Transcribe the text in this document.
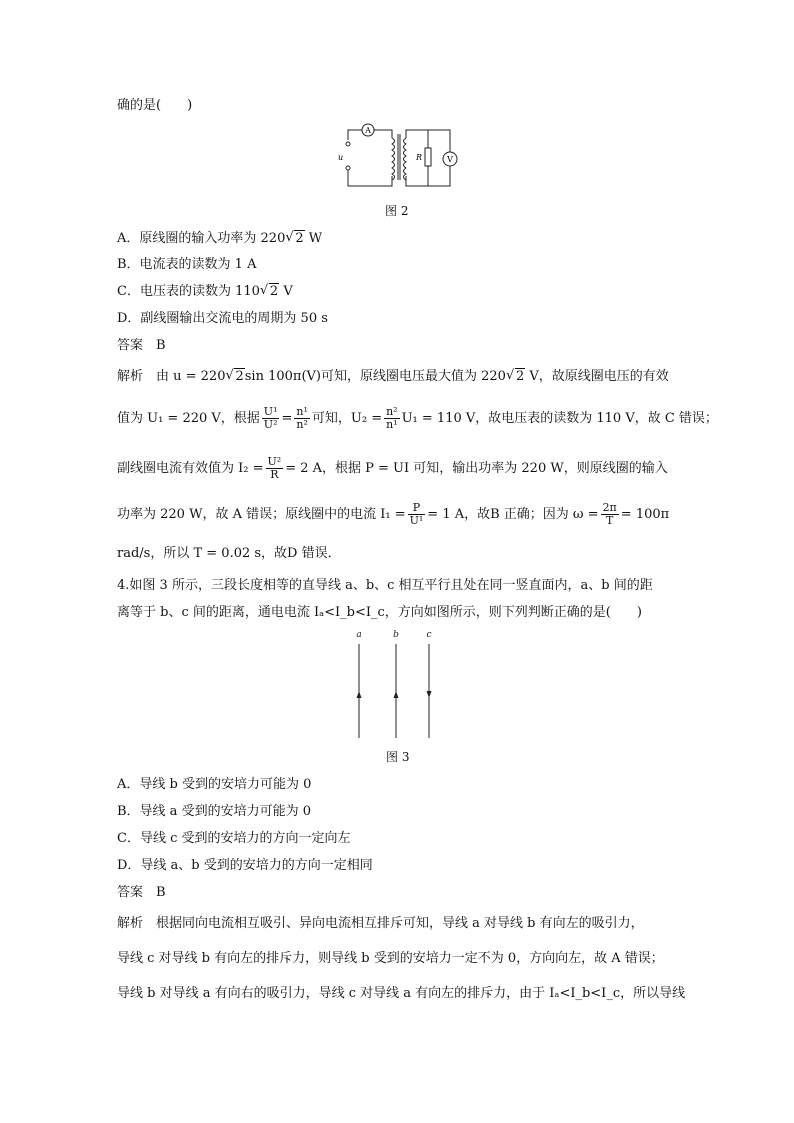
确的是(　　)
A
V
u	R
图 2
A．原线圈的输入功率为 220 √ 2 W
B．电流表的读数为 1 A
C．电压表的读数为 110 √ 2 V
D．副线圈输出交流电的周期为 50 s
答案　B
解析　由 u = 220 √ 2sin 100π(V)可知，原线圈电压最大值为 220 √ 2 V，故原线圈电压的有效
值为 U₁ = 220 V，根据 $\frac{\text{U¹}}{\text{U²}} = \frac{\text{n¹}}{\text{n²}}$ 可知，$U_2 = \frac{\text{n²}}{\text{n¹}} U_1 = 110$ V，故电压表的读数为 110 V，故 C 错误；
副线圈电流有效值为 $I_2 = \frac{\text{U²}}{R} = 2$ A，根据 P = UI 可知，输出功率为 220 W，则原线圈的输入
功率为 220 W，故 A 错误；原线圈中的电流 $I_1 = \frac{P}{\text{U¹}} = 1$ A，故B 正确；因为 $\omega = \frac{2\pi}{T} = 100\pi$
rad/s，所以 T = 0.02 s，故D 错误．
4.如图 3 所示，三段长度相等的直导线 a、b、c 相互平行且处在同一竖直面内，a、b 间的距
离等于 b、c 间的距离，通电电流 Iₐ<I_b<I_c，方向如图所示，则下列判断正确的是(　　)
a	b	c
图 3
A．导线 b 受到的安培力可能为 0
B．导线 a 受到的安培力可能为 0
C．导线 c 受到的安培力的方向一定向左
D．导线 a、b 受到的安培力的方向一定相同
答案　B
解析　根据同向电流相互吸引、异向电流相互排斥可知，导线 a 对导线 b 有向左的吸引力，
导线 c 对导线 b 有向左的排斥力，则导线 b 受到的安培力一定不为 0，方向向左，故 A 错误；
导线 b 对导线 a 有向右的吸引力，导线 c 对导线 a 有向左的排斥力，由于 Iₐ<I_b<I_c，所以导线
